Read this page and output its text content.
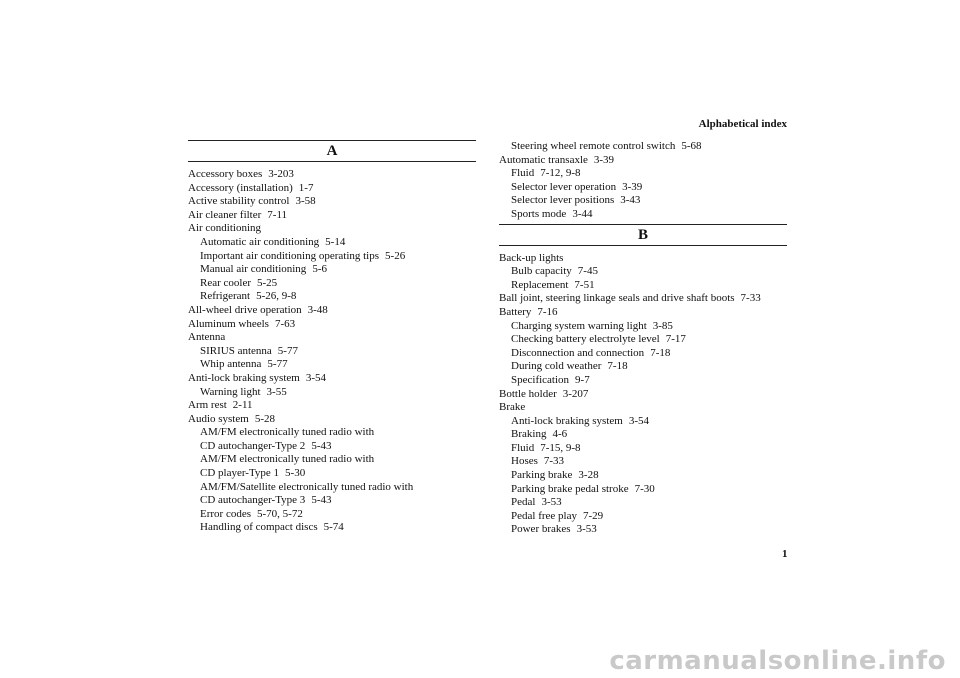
Alphabetical index
A
Accessory boxes 3-203
Accessory (installation) 1-7
Active stability control 3-58
Air cleaner filter 7-11
Air conditioning
Automatic air conditioning 5-14
Important air conditioning operating tips 5-26
Manual air conditioning 5-6
Rear cooler 5-25
Refrigerant 5-26, 9-8
All-wheel drive operation 3-48
Aluminum wheels 7-63
Antenna
SIRIUS antenna 5-77
Whip antenna 5-77
Anti-lock braking system 3-54
Warning light 3-55
Arm rest 2-11
Audio system 5-28
AM/FM electronically tuned radio with
CD autochanger-Type 2 5-43
AM/FM electronically tuned radio with
CD player-Type 1 5-30
AM/FM/Satellite electronically tuned radio with
CD autochanger-Type 3 5-43
Error codes 5-70, 5-72
Handling of compact discs 5-74
Steering wheel remote control switch 5-68
Automatic transaxle 3-39
Fluid 7-12, 9-8
Selector lever operation 3-39
Selector lever positions 3-43
Sports mode 3-44
B
Back-up lights
Bulb capacity 7-45
Replacement 7-51
Ball joint, steering linkage seals and drive shaft boots 7-33
Battery 7-16
Charging system warning light 3-85
Checking battery electrolyte level 7-17
Disconnection and connection 7-18
During cold weather 7-18
Specification 9-7
Bottle holder 3-207
Brake
Anti-lock braking system 3-54
Braking 4-6
Fluid 7-15, 9-8
Hoses 7-33
Parking brake 3-28
Parking brake pedal stroke 7-30
Pedal 3-53
Pedal free play 7-29
Power brakes 3-53
1
carmanualsonline.info
